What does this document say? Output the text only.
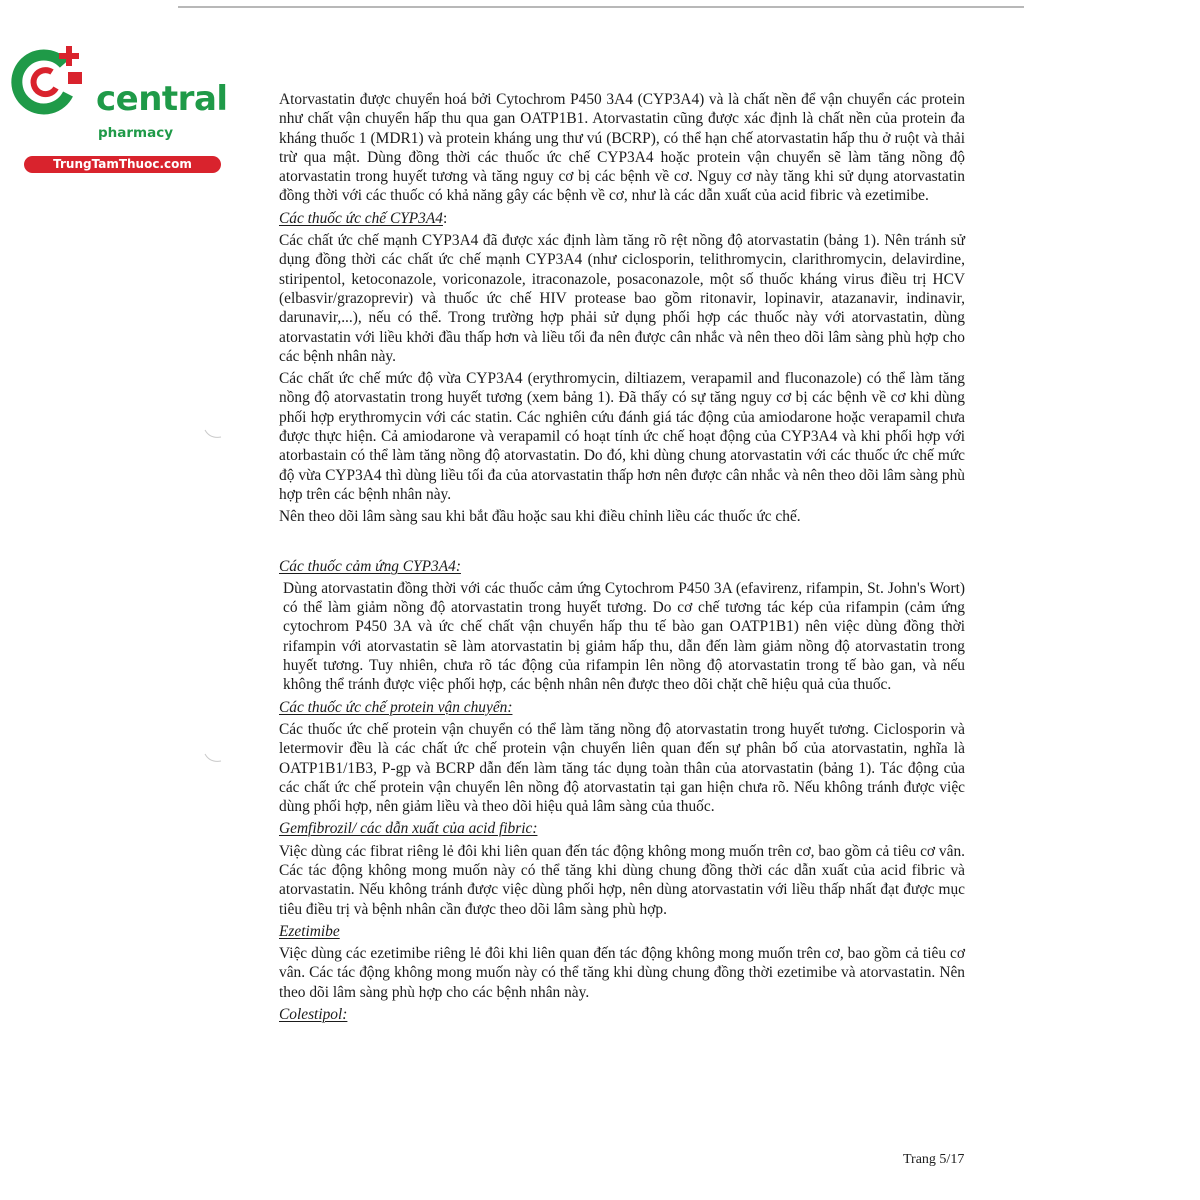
central
pharmacy
TrungTamThuoc.com

Atorvastatin được chuyển hoá bởi Cytochrom P450 3A4 (CYP3A4) và là chất nền để vận chuyển các protein như chất vận chuyển hấp thu qua gan OATP1B1. Atorvastatin cũng được xác định là chất nền của protein đa kháng thuốc 1 (MDR1) và protein kháng ung thư vú (BCRP), có thể hạn chế atorvastatin hấp thu ở ruột và thải trừ qua mật. Dùng đồng thời các thuốc ức chế CYP3A4 hoặc protein vận chuyển sẽ làm tăng nồng độ atorvastatin trong huyết tương và tăng nguy cơ bị các bệnh về cơ. Nguy cơ này tăng khi sử dụng atorvastatin đồng thời với các thuốc có khả năng gây các bệnh về cơ, như là các dẫn xuất của acid fibric và ezetimibe.

Các thuốc ức chế CYP3A4:

Các chất ức chế mạnh CYP3A4 đã được xác định làm tăng rõ rệt nồng độ atorvastatin (bảng 1). Nên tránh sử dụng đồng thời các chất ức chế mạnh CYP3A4 (như ciclosporin, telithromycin, clarithromycin, delavirdine, stiripentol, ketoconazole, voriconazole, itraconazole, posaconazole, một số thuốc kháng virus điều trị HCV (elbasvir/grazoprevir) và thuốc ức chế HIV protease bao gồm ritonavir, lopinavir, atazanavir, indinavir, darunavir,...), nếu có thể. Trong trường hợp phải sử dụng phối hợp các thuốc này với atorvastatin, dùng atorvastatin với liều khởi đầu thấp hơn và liều tối đa nên được cân nhắc và nên theo dõi lâm sàng phù hợp cho các bệnh nhân này.

Các chất ức chế mức độ vừa CYP3A4 (erythromycin, diltiazem, verapamil and fluconazole) có thể làm tăng nồng độ atorvastatin trong huyết tương (xem bảng 1). Đã thấy có sự tăng nguy cơ bị các bệnh về cơ khi dùng phối hợp erythromycin với các statin. Các nghiên cứu đánh giá tác động của amiodarone hoặc verapamil chưa được thực hiện. Cả amiodarone và verapamil có hoạt tính ức chế hoạt động của CYP3A4 và khi phối hợp với atorbastain có thể làm tăng nồng độ atorvastatin. Do đó, khi dùng chung atorvastatin với các thuốc ức chế mức độ vừa CYP3A4 thì dùng liều tối đa của atorvastatin thấp hơn nên được cân nhắc và nên theo dõi lâm sàng phù hợp trên các bệnh nhân này.

Nên theo dõi lâm sàng sau khi bắt đầu hoặc sau khi điều chỉnh liều các thuốc ức chế.

Các thuốc cảm ứng CYP3A4:

Dùng atorvastatin đồng thời với các thuốc cảm ứng Cytochrom P450 3A (efavirenz, rifampin, St. John's Wort) có thể làm giảm nồng độ atorvastatin trong huyết tương. Do cơ chế tương tác kép của rifampin (cảm ứng cytochrom P450 3A và ức chế chất vận chuyển hấp thu tế bào gan OATP1B1) nên việc dùng đồng thời rifampin với atorvastatin sẽ làm atorvastatin bị giảm hấp thu, dẫn đến làm giảm nồng độ atorvastatin trong huyết tương. Tuy nhiên, chưa rõ tác động của rifampin lên nồng độ atorvastatin trong tế bào gan, và nếu không thể tránh được việc phối hợp, các bệnh nhân nên được theo dõi chặt chẽ hiệu quả của thuốc.

Các thuốc ức chế protein vận chuyển:

Các thuốc ức chế protein vận chuyển có thể làm tăng nồng độ atorvastatin trong huyết tương. Ciclosporin và letermovir đều là các chất ức chế protein vận chuyển liên quan đến sự phân bố của atorvastatin, nghĩa là OATP1B1/1B3, P-gp và BCRP dẫn đến làm tăng tác dụng toàn thân của atorvastatin (bảng 1). Tác động của các chất ức chế protein vận chuyển lên nồng độ atorvastatin tại gan hiện chưa rõ. Nếu không tránh được việc dùng phối hợp, nên giảm liều và theo dõi hiệu quả lâm sàng của thuốc.

Gemfibrozil/ các dẫn xuất của acid fibric:

Việc dùng các fibrat riêng lẻ đôi khi liên quan đến tác động không mong muốn trên cơ, bao gồm cả tiêu cơ vân. Các tác động không mong muốn này có thể tăng khi dùng chung đồng thời các dẫn xuất của acid fibric và atorvastatin. Nếu không tránh được việc dùng phối hợp, nên dùng atorvastatin với liều thấp nhất đạt được mục tiêu điều trị và bệnh nhân cần được theo dõi lâm sàng phù hợp.

Ezetimibe

Việc dùng các ezetimibe riêng lẻ đôi khi liên quan đến tác động không mong muốn trên cơ, bao gồm cả tiêu cơ vân. Các tác động không mong muốn này có thể tăng khi dùng chung đồng thời ezetimibe và atorvastatin. Nên theo dõi lâm sàng phù hợp cho các bệnh nhân này.

Colestipol:

Trang 5/17
